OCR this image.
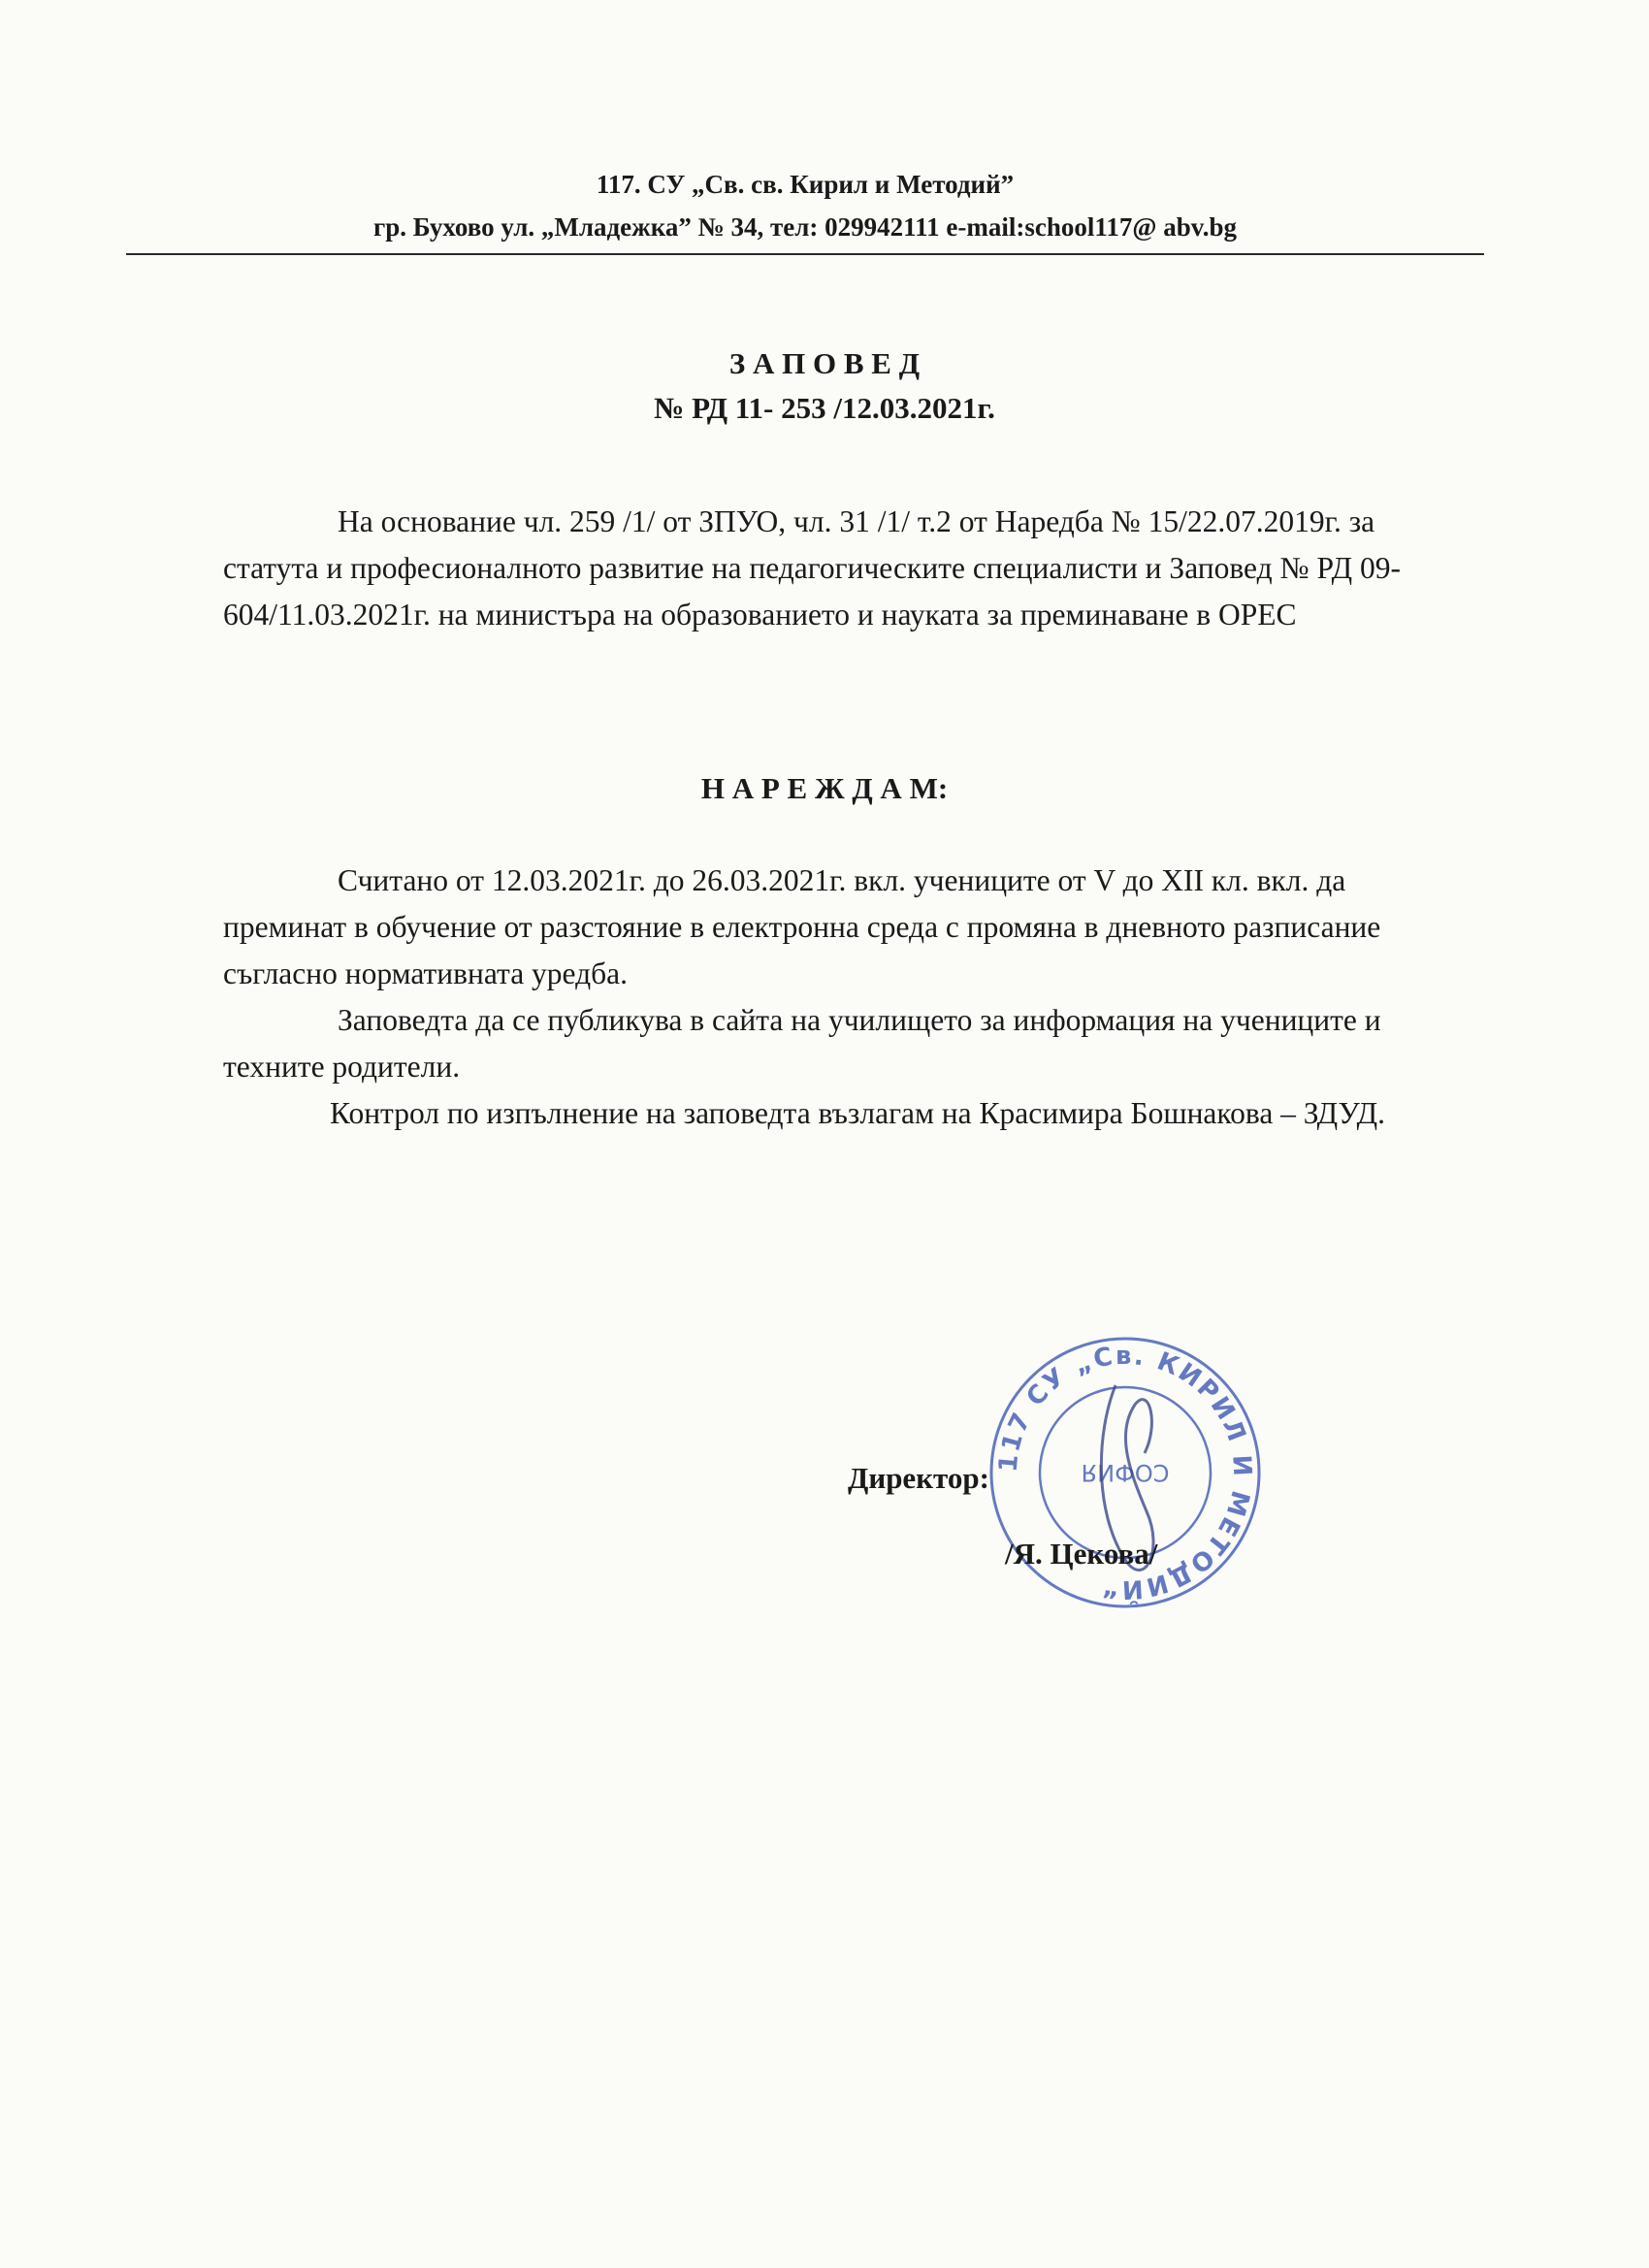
117. СУ „Св. св. Кирил и Методий”
гр. Бухово ул. „Младежка” № 34, тел: 029942111 e-mail:school117@ abv.bg
З А П О В Е Д
№ РД 11- 253 /12.03.2021г.

На основание чл. 259 /1/ от ЗПУО, чл. 31 /1/ т.2 от Наредба № 15/22.07.2019г. за статута и професионалното развитие на педагогическите специалисти и Заповед № РД 09-604/11.03.2021г. на министъра на образованието и науката за преминаване в ОРЕС

Н А Р Е Ж Д А М:

Считано от 12.03.2021г. до 26.03.2021г. вкл. учениците от V до XII кл. вкл. да преминат в обучение от разстояние в електронна среда с промяна в дневното разписание съгласно нормативната уредба.

Заповедта да се публикува в сайта на училището за информация на учениците и техните родители.

Контрол по изпълнение на заповедта възлагам на Красимира Бошнакова – ЗДУД.

117 СУ „Св. КИРИЛ И МЕТОДИЙ“
СОФИЯ
Директор:
/Я. Цекова/
